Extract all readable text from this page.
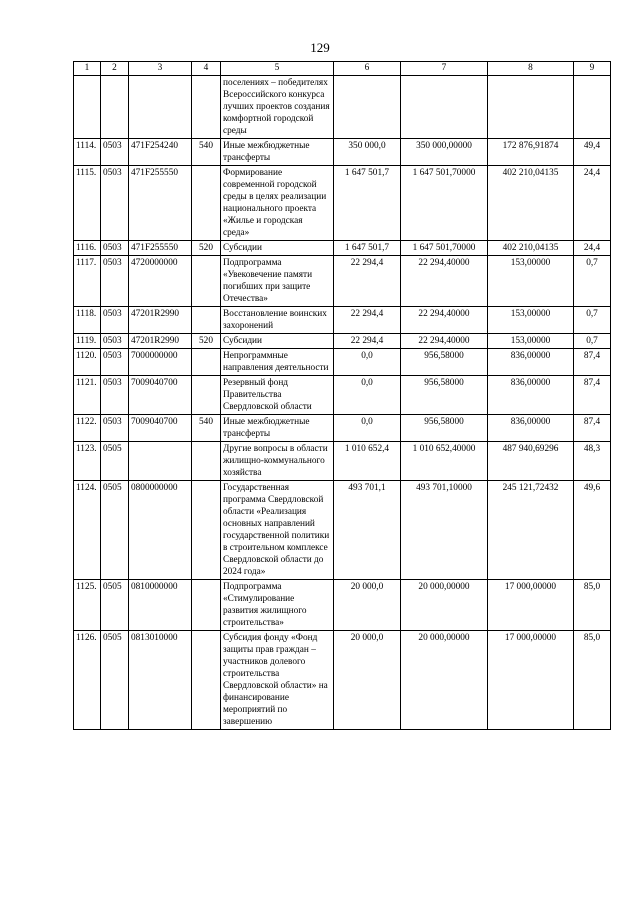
129
1	2	3	4	5	6	7	8	9
				поселениях – победителях Всероссийского конкурса лучших проектов создания комфортной городской среды				
1114.	0503	471F254240	540	Иные межбюджетные трансферты	350 000,0	350 000,00000	172 876,91874	49,4
1115.	0503	471F255550		Формирование современной городской среды в целях реализации национального проекта «Жилье и городская среда»	1 647 501,7	1 647 501,70000	402 210,04135	24,4
1116.	0503	471F255550	520	Субсидии	1 647 501,7	1 647 501,70000	402 210,04135	24,4
1117.	0503	4720000000		Подпрограмма «Увековечение памяти погибших при защите Отечества»	22 294,4	22 294,40000	153,00000	0,7
1118.	0503	47201R2990		Восстановление воинских захоронений	22 294,4	22 294,40000	153,00000	0,7
1119.	0503	47201R2990	520	Субсидии	22 294,4	22 294,40000	153,00000	0,7
1120.	0503	7000000000		Непрограммные направления деятельности	0,0	956,58000	836,00000	87,4
1121.	0503	7009040700		Резервный фонд Правительства Свердловской области	0,0	956,58000	836,00000	87,4
1122.	0503	7009040700	540	Иные межбюджетные трансферты	0,0	956,58000	836,00000	87,4
1123.	0505			Другие вопросы в области жилищно-коммунального хозяйства	1 010 652,4	1 010 652,40000	487 940,69296	48,3
1124.	0505	0800000000		Государственная программа Свердловской области «Реализация основных направлений государственной политики в строительном комплексе Свердловской области до 2024 года»	493 701,1	493 701,10000	245 121,72432	49,6
1125.	0505	0810000000		Подпрограмма «Стимулирование развития жилищного строительства»	20 000,0	20 000,00000	17 000,00000	85,0
1126.	0505	0813010000		Субсидия фонду «Фонд защиты прав граждан – участников долевого строительства Свердловской области» на финансирование мероприятий по завершению	20 000,0	20 000,00000	17 000,00000	85,0
